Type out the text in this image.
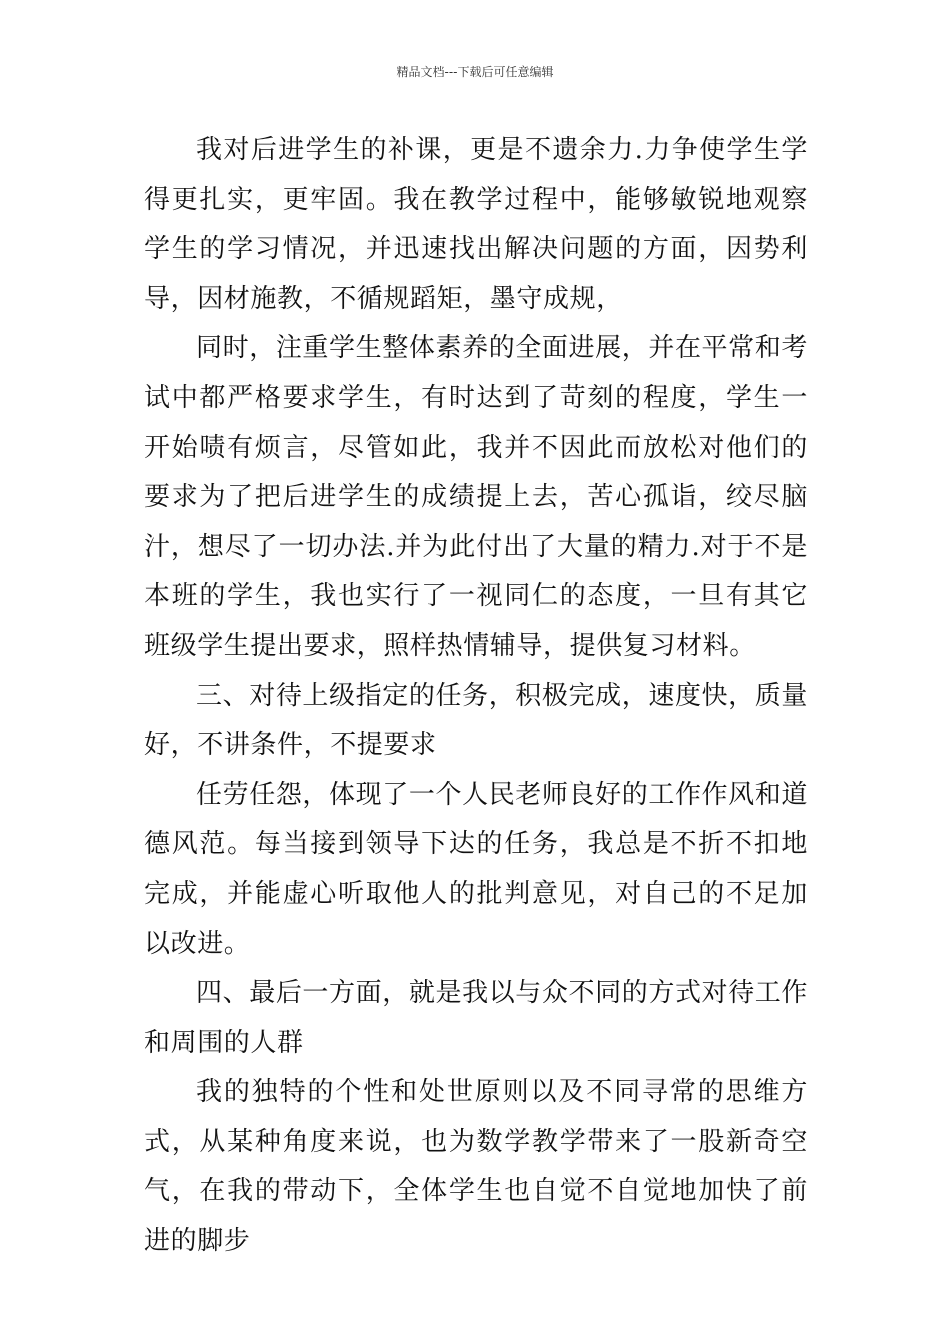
精品文档---下载后可任意编辑

我对后进学生的补课，更是不遗余力.力争使学生学得更扎实，更牢固。我在教学过程中，能够敏锐地观察学生的学习情况，并迅速找出解决问题的方面，因势利导，因材施教，不循规蹈矩，墨守成规，

同时，注重学生整体素养的全面进展，并在平常和考试中都严格要求学生，有时达到了苛刻的程度，学生一开始啧有烦言，尽管如此，我并不因此而放松对他们的要求为了把后进学生的成绩提上去，苦心孤诣，绞尽脑汁，想尽了一切办法.并为此付出了大量的精力.对于不是本班的学生，我也实行了一视同仁的态度，一旦有其它班级学生提出要求，照样热情辅导，提供复习材料。

三、对待上级指定的任务，积极完成，速度快，质量好，不讲条件，不提要求

任劳任怨，体现了一个人民老师良好的工作作风和道德风范。每当接到领导下达的任务，我总是不折不扣地完成，并能虚心听取他人的批判意见，对自己的不足加以改进。

四、最后一方面，就是我以与众不同的方式对待工作和周围的人群

我的独特的个性和处世原则以及不同寻常的思维方式，从某种角度来说，也为数学教学带来了一股新奇空气，在我的带动下，全体学生也自觉不自觉地加快了前进的脚步
